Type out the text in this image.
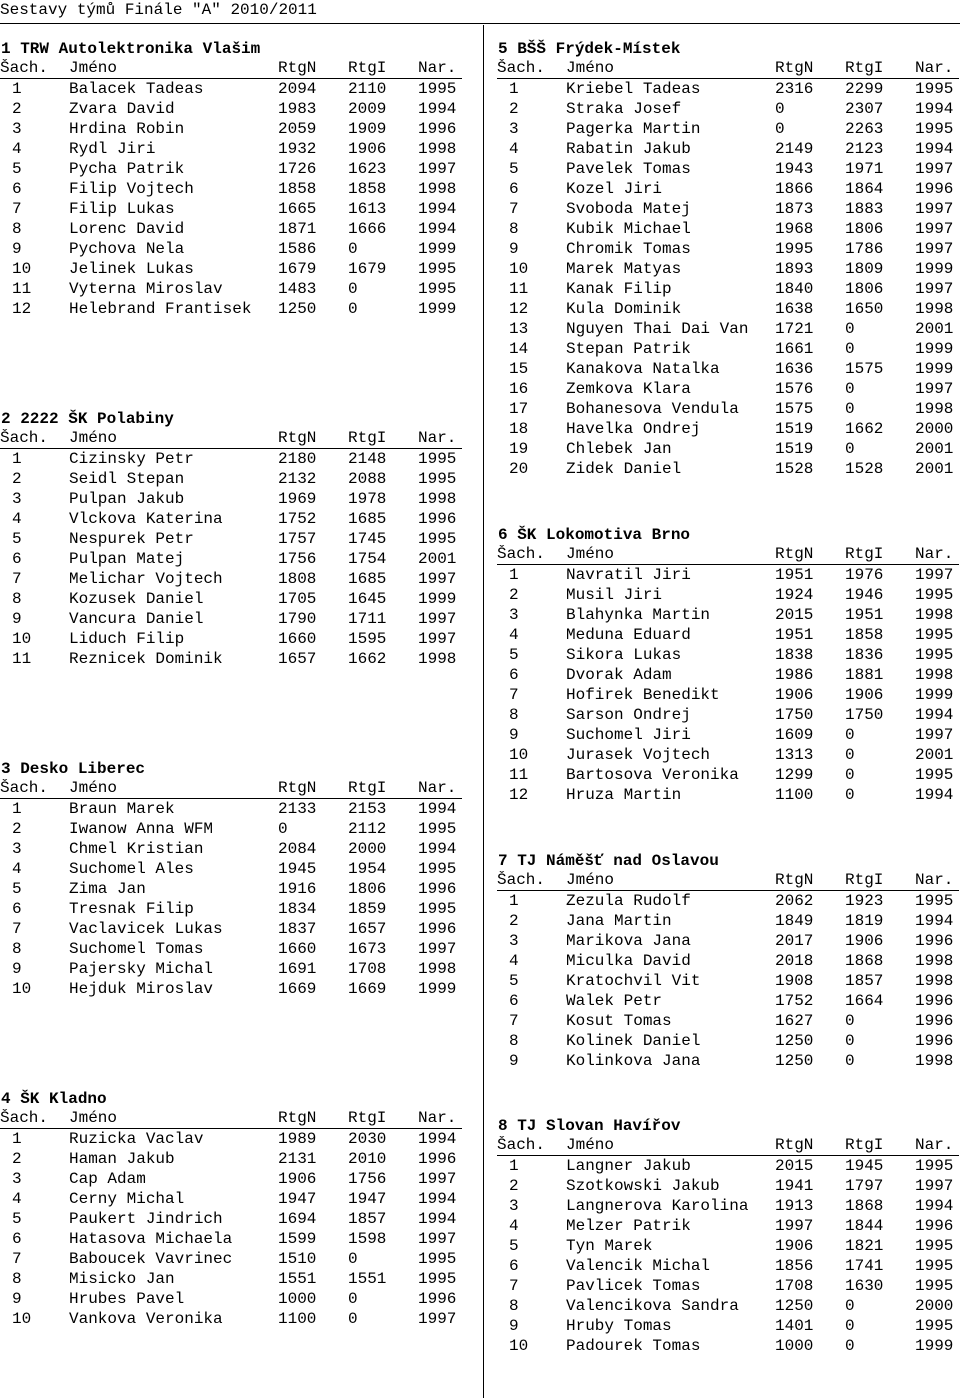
Sestavy týmů Finále "A" 2010/2011
1 TRW Autolektronika Vlašim
Šach.	Jméno	RtgN	RtgI	Nar.
1	Balacek Tadeas	2094	2110	1995
2	Zvara David	1983	2009	1994
3	Hrdina Robin	2059	1909	1996
4	Rydl Jiri	1932	1906	1998
5	Pycha Patrik	1726	1623	1997
6	Filip Vojtech	1858	1858	1998
7	Filip Lukas	1665	1613	1994
8	Lorenc David	1871	1666	1994
9	Pychova Nela	1586	0	1999
10	Jelinek Lukas	1679	1679	1995
11	Vyterna Miroslav	1483	0	1995
12	Helebrand Frantisek	1250	0	1999
2 2222 ŠK Polabiny
Šach.	Jméno	RtgN	RtgI	Nar.
1	Cizinsky Petr	2180	2148	1995
2	Seidl Stepan	2132	2088	1995
3	Pulpan Jakub	1969	1978	1998
4	Vlckova Katerina	1752	1685	1996
5	Nespurek Petr	1757	1745	1995
6	Pulpan Matej	1756	1754	2001
7	Melichar Vojtech	1808	1685	1997
8	Kozusek Daniel	1705	1645	1999
9	Vancura Daniel	1790	1711	1997
10	Liduch Filip	1660	1595	1997
11	Reznicek Dominik	1657	1662	1998
3 Desko Liberec
Šach.	Jméno	RtgN	RtgI	Nar.
1	Braun Marek	2133	2153	1994
2	Iwanow Anna WFM	0	2112	1995
3	Chmel Kristian	2084	2000	1994
4	Suchomel Ales	1945	1954	1995
5	Zima Jan	1916	1806	1996
6	Tresnak Filip	1834	1859	1995
7	Vaclavicek Lukas	1837	1657	1996
8	Suchomel Tomas	1660	1673	1997
9	Pajersky Michal	1691	1708	1998
10	Hejduk Miroslav	1669	1669	1999
4 ŠK Kladno
Šach.	Jméno	RtgN	RtgI	Nar.
1	Ruzicka Vaclav	1989	2030	1994
2	Haman Jakub	2131	2010	1996
3	Cap Adam	1906	1756	1997
4	Cerny Michal	1947	1947	1994
5	Paukert Jindrich	1694	1857	1994
6	Hatasova Michaela	1599	1598	1997
7	Baboucek Vavrinec	1510	0	1995
8	Misicko Jan	1551	1551	1995
9	Hrubes Pavel	1000	0	1996
10	Vankova Veronika	1100	0	1997
5 BŠŠ Frýdek-Místek
Šach.	Jméno	RtgN	RtgI	Nar.
1	Kriebel Tadeas	2316	2299	1995
2	Straka Josef	0	2307	1994
3	Pagerka Martin	0	2263	1995
4	Rabatin Jakub	2149	2123	1994
5	Pavelek Tomas	1943	1971	1997
6	Kozel Jiri	1866	1864	1996
7	Svoboda Matej	1873	1883	1997
8	Kubik Michael	1968	1806	1997
9	Chromik Tomas	1995	1786	1997
10	Marek Matyas	1893	1809	1999
11	Kanak Filip	1840	1806	1997
12	Kula Dominik	1638	1650	1998
13	Nguyen Thai Dai Van	1721	0	2001
14	Stepan Patrik	1661	0	1999
15	Kanakova Natalka	1636	1575	1999
16	Zemkova Klara	1576	0	1997
17	Bohanesova Vendula	1575	0	1998
18	Havelka Ondrej	1519	1662	2000
19	Chlebek Jan	1519	0	2001
20	Zidek Daniel	1528	1528	2001
6 ŠK Lokomotiva Brno
Šach.	Jméno	RtgN	RtgI	Nar.
1	Navratil Jiri	1951	1976	1997
2	Musil Jiri	1924	1946	1995
3	Blahynka Martin	2015	1951	1998
4	Meduna Eduard	1951	1858	1995
5	Sikora Lukas	1838	1836	1995
6	Dvorak Adam	1986	1881	1998
7	Hofirek Benedikt	1906	1906	1999
8	Sarson Ondrej	1750	1750	1994
9	Suchomel Jiri	1609	0	1997
10	Jurasek Vojtech	1313	0	2001
11	Bartosova Veronika	1299	0	1995
12	Hruza Martin	1100	0	1994
7 TJ Náměšť nad Oslavou
Šach.	Jméno	RtgN	RtgI	Nar.
1	Zezula Rudolf	2062	1923	1995
2	Jana Martin	1849	1819	1994
3	Marikova Jana	2017	1906	1996
4	Miculka David	2018	1868	1998
5	Kratochvil Vit	1908	1857	1998
6	Walek Petr	1752	1664	1996
7	Kosut Tomas	1627	0	1996
8	Kolinek Daniel	1250	0	1996
9	Kolinkova Jana	1250	0	1998
8 TJ Slovan Havířov
Šach.	Jméno	RtgN	RtgI	Nar.
1	Langner Jakub	2015	1945	1995
2	Szotkowski Jakub	1941	1797	1997
3	Langnerova Karolina	1913	1868	1994
4	Melzer Patrik	1997	1844	1996
5	Tyn Marek	1906	1821	1995
6	Valencik Michal	1856	1741	1995
7	Pavlicek Tomas	1708	1630	1995
8	Valencikova Sandra	1250	0	2000
9	Hruby Tomas	1401	0	1995
10	Padourek Tomas	1000	0	1999
